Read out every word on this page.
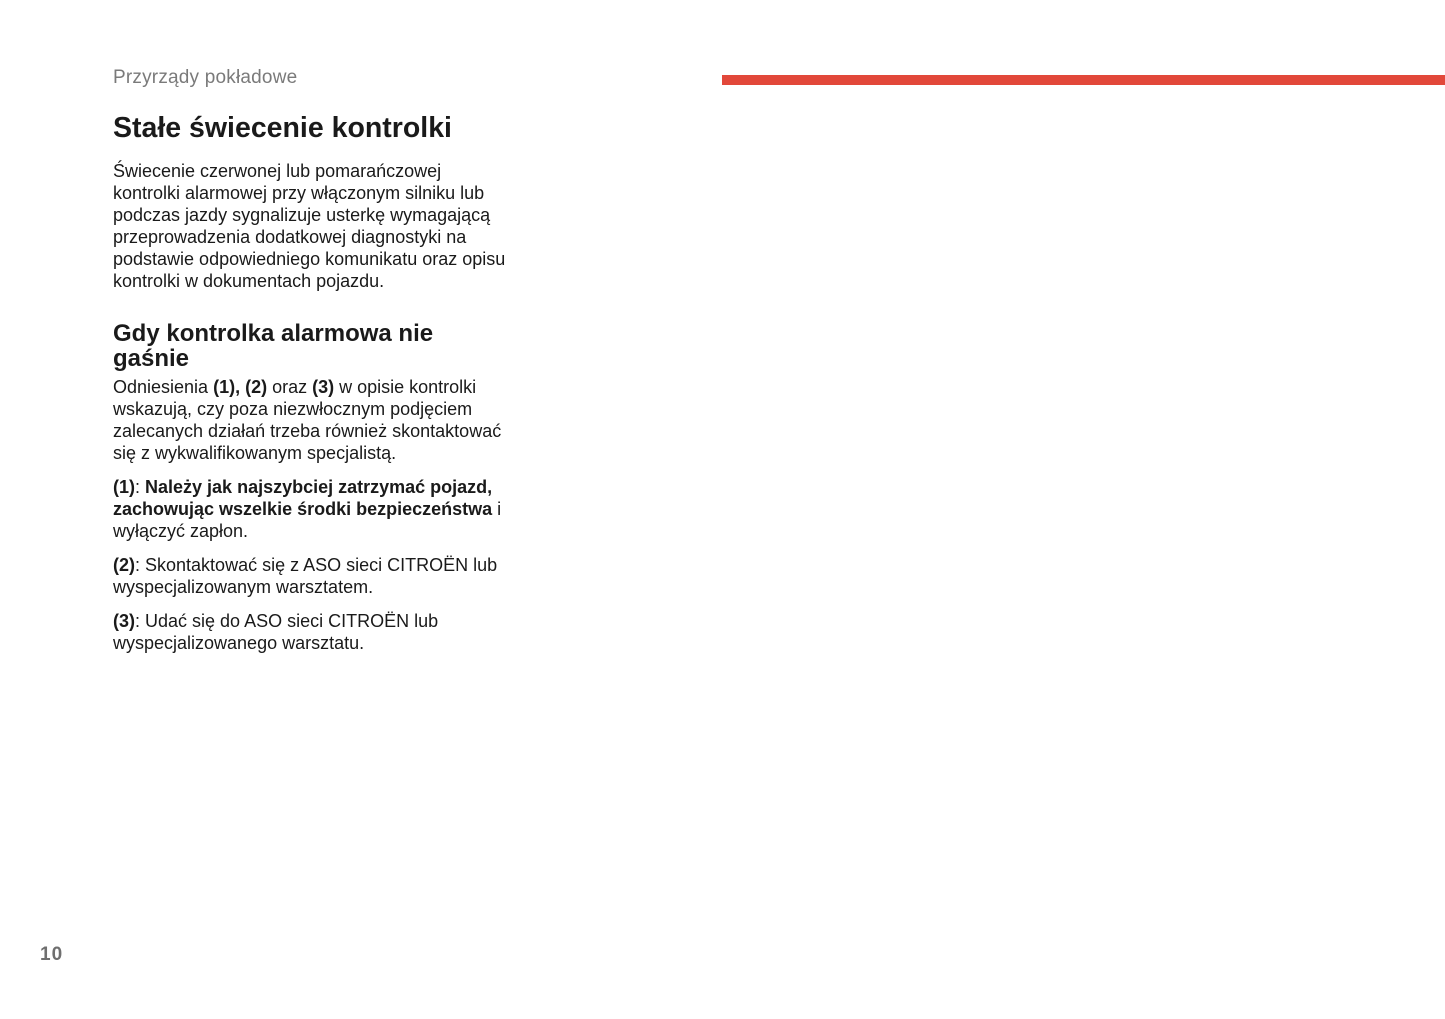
Przyrządy pokładowe
Stałe świecenie kontrolki

Świecenie czerwonej lub pomarańczowej kontrolki alarmowej przy włączonym silniku lub podczas jazdy sygnalizuje usterkę wymagającą przeprowadzenia dodatkowej diagnostyki na podstawie odpowiedniego komunikatu oraz opisu kontrolki w dokumentach pojazdu.

Gdy kontrolka alarmowa nie
gaśnie

Odniesienia (1), (2) oraz (3) w opisie kontrolki wskazują, czy poza niezwłocznym podjęciem zalecanych działań trzeba również skontaktować się z wykwalifikowanym specjalistą.

(1): Należy jak najszybciej zatrzymać pojazd, zachowując wszelkie środki bezpieczeństwa i wyłączyć zapłon.

(2): Skontaktować się z ASO sieci CITROËN lub wyspecjalizowanym warsztatem.

(3): Udać się do ASO sieci CITROËN lub wyspecjalizowanego warsztatu.

10
